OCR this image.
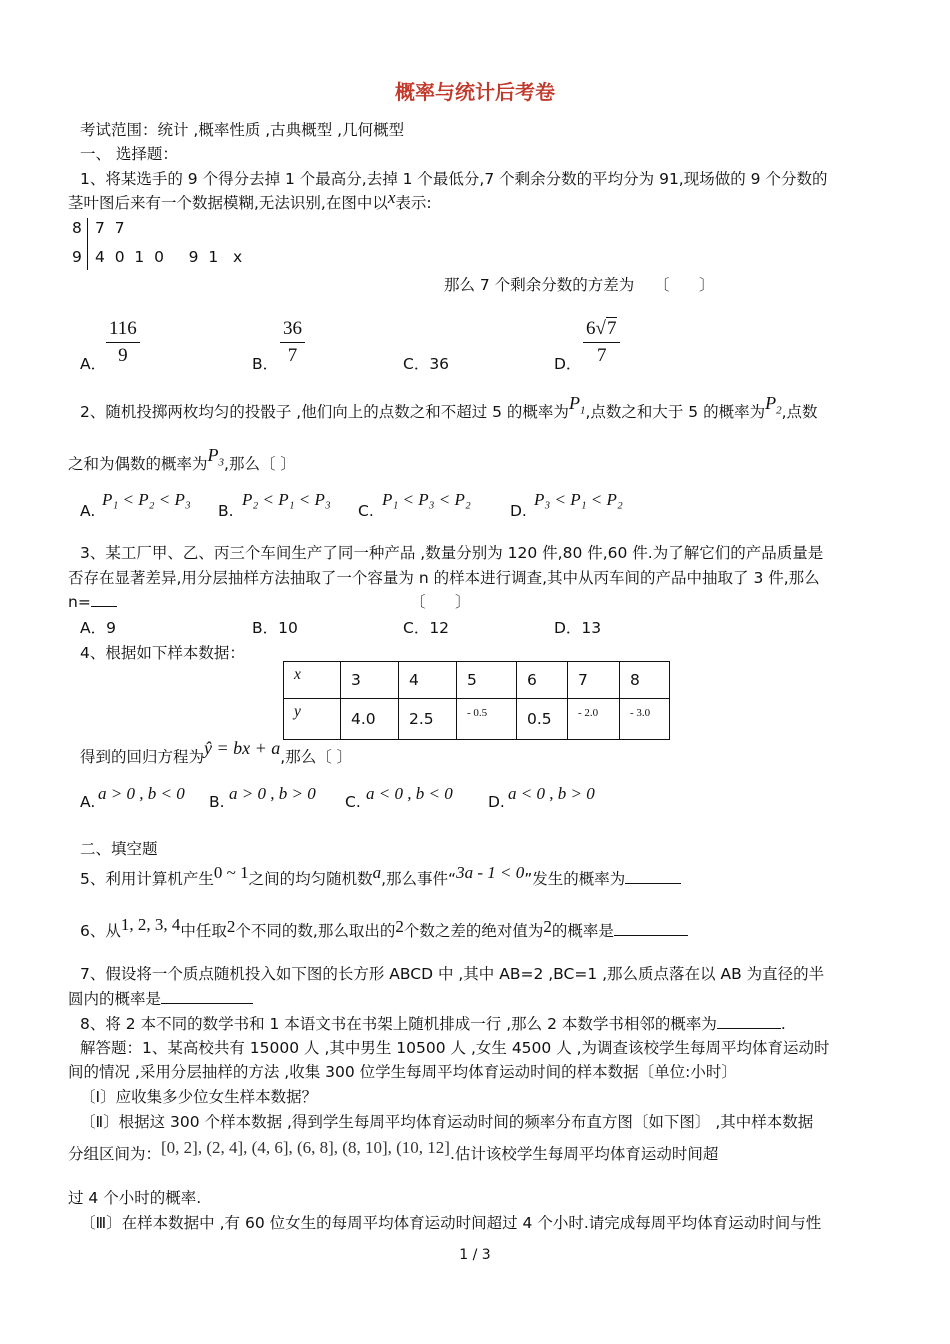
概率与统计后考卷
考试范围：统计 ,概率性质 ,古典概型 ,几何概型
一、 选择题：
1、将某选手的 9 个得分去掉 1 个最高分,去掉 1 个最低分,7 个剩余分数的平均分为 91,现场做的 9 个分数的
茎叶图后来有一个数据模糊,无法识别,在图中以x表示:
8 7  7
9 4  0  1  0     9  1   x
那么 7 个剩余分数的方差为    〔      〕
A． $\frac{116}{9}$	B． $\frac{36}{7}$	C．36	D． $\frac{6√7}{7}$
2、随机投掷两枚均匀的投骰子 ,他们向上的点数之和不超过 5 的概率为$P_1$,点数之和大于 5 的概率为$P_2$,点数
之和为偶数的概率为$P_3$,那么〔 〕
A.
P₁ < P₂ < P₃
B.
P₂ < P₁ < P₃
C.
P₁ < P₃ < P₂
D.
P₃ < P₁ < P₂
3、某工厂甲、乙、丙三个车间生产了同一种产品 ,数量分别为 120 件,80 件,60 件.为了解它们的产品质量是
否存在显著差异,用分层抽样方法抽取了一个容量为 n 的样本进行调查,其中从丙车间的产品中抽取了 3 件,那么
n=	〔      〕
A．9	B．10	C．12	D．13
4、根据如下样本数据：
x	3	4	5	6	7	8
y	4.0	2.5	- 0.5	0.5	- 2.0	- 3.0
得到的回归方程为ŷ = bx + a,那么〔 〕
A. a > 0 , b < 0 B. a > 0 , b > 0 C. a < 0 , b < 0 D. a < 0 , b > 0
二、填空题
5、利用计算机产生0 ~ 1之间的均匀随机数a,那么事件“3a - 1 < 0”发生的概率为
6、从1, 2, 3, 4中任取2个不同的数,那么取出的2个数之差的绝对值为2的概率是
7、假设将一个质点随机投入如下图的长方形 ABCD 中 ,其中 AB=2 ,BC=1 ,那么质点落在以 AB 为直径的半
圆内的概率是
8、将 2 本不同的数学书和 1 本语文书在书架上随机排成一行 ,那么 2 本数学书相邻的概率为	.
解答题：1、某高校共有 15000 人 ,其中男生 10500 人 ,女生 4500 人 ,为调查该校学生每周平均体育运动时
间的情况 ,采用分层抽样的方法 ,收集 300 位学生每周平均体育运动时间的样本数据〔单位:小时〕
〔Ⅰ〕应收集多少位女生样本数据？
〔Ⅱ〕根据这 300 个样本数据 ,得到学生每周平均体育运动时间的频率分布直方图〔如下图〕 ,其中样本数据
分组区间为：[0, 2], (2, 4], (4, 6], (6, 8], (8, 10], (10, 12].估计该校学生每周平均体育运动时间超
过 4 个小时的概率.
〔Ⅲ〕在样本数据中 ,有 60 位女生的每周平均体育运动时间超过 4 个小时.请完成每周平均体育运动时间与性
1 / 3
